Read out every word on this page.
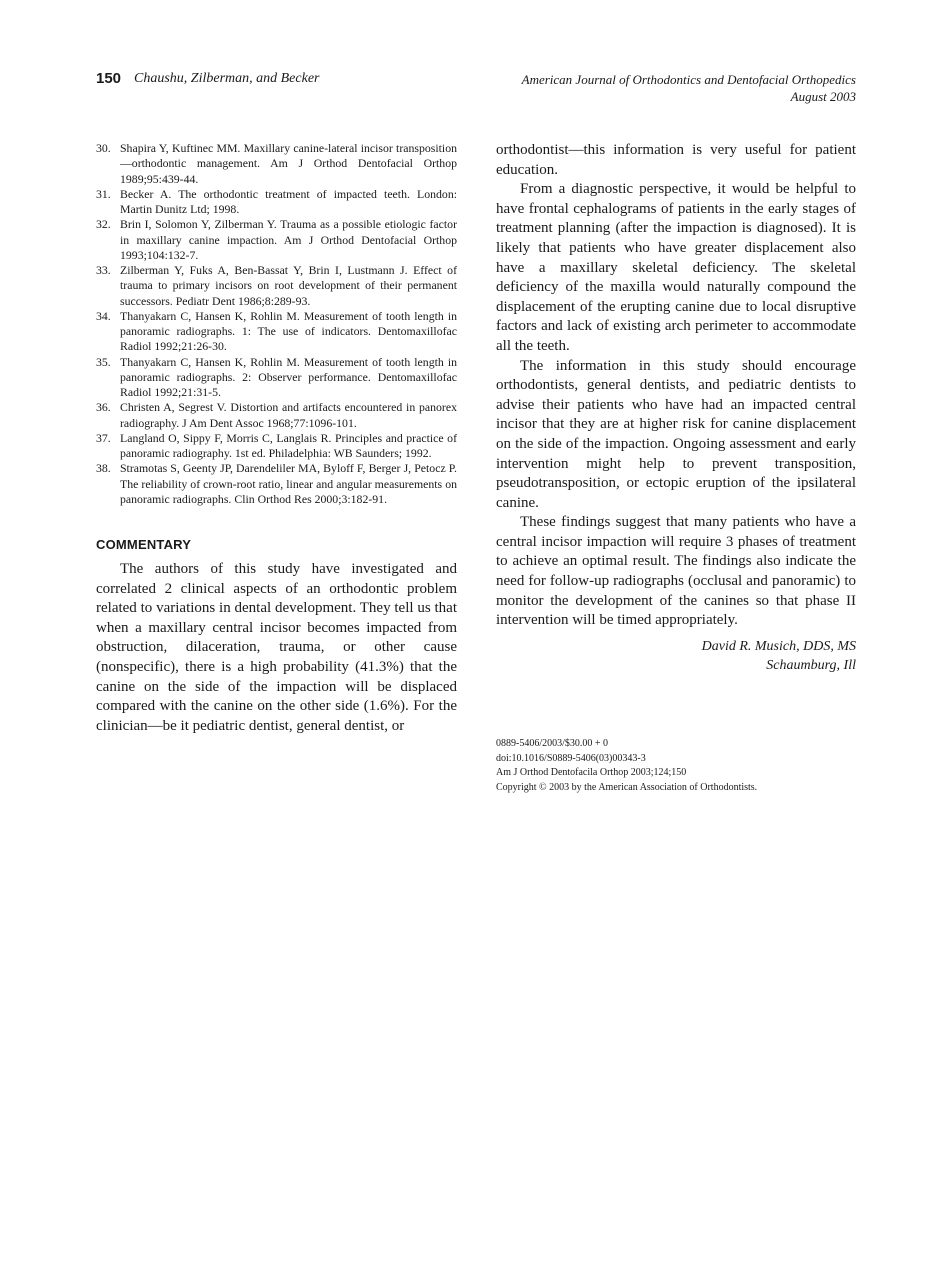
150 Chaushu, Zilberman, and Becker	American Journal of Orthodontics and Dentofacial Orthopedics
August 2003
30. Shapira Y, Kuftinec MM. Maxillary canine-lateral incisor transposition—orthodontic management. Am J Orthod Dentofacial Orthop 1989;95:439-44.
31. Becker A. The orthodontic treatment of impacted teeth. London: Martin Dunitz Ltd; 1998.
32. Brin I, Solomon Y, Zilberman Y. Trauma as a possible etiologic factor in maxillary canine impaction. Am J Orthod Dentofacial Orthop 1993;104:132-7.
33. Zilberman Y, Fuks A, Ben-Bassat Y, Brin I, Lustmann J. Effect of trauma to primary incisors on root development of their permanent successors. Pediatr Dent 1986;8:289-93.
34. Thanyakarn C, Hansen K, Rohlin M. Measurement of tooth length in panoramic radiographs. 1: The use of indicators. Dentomaxillofac Radiol 1992;21:26-30.
35. Thanyakarn C, Hansen K, Rohlin M. Measurement of tooth length in panoramic radiographs. 2: Observer performance. Dentomaxillofac Radiol 1992;21:31-5.
36. Christen A, Segrest V. Distortion and artifacts encountered in panorex radiography. J Am Dent Assoc 1968;77:1096-101.
37. Langland O, Sippy F, Morris C, Langlais R. Principles and practice of panoramic radiography. 1st ed. Philadelphia: WB Saunders; 1992.
38. Stramotas S, Geenty JP, Darendeliler MA, Byloff F, Berger J, Petocz P. The reliability of crown-root ratio, linear and angular measurements on panoramic radiographs. Clin Orthod Res 2000;3:182-91.
COMMENTARY

The authors of this study have investigated and correlated 2 clinical aspects of an orthodontic problem related to variations in dental development. They tell us that when a maxillary central incisor becomes impacted from obstruction, dilaceration, trauma, or other cause (nonspecific), there is a high probability (41.3%) that the canine on the side of the impaction will be displaced compared with the canine on the other side (1.6%). For the clinician—be it pediatric dentist, general dentist, or

orthodontist—this information is very useful for patient education.

From a diagnostic perspective, it would be helpful to have frontal cephalograms of patients in the early stages of treatment planning (after the impaction is diagnosed). It is likely that patients who have greater displacement also have a maxillary skeletal deficiency. The skeletal deficiency of the maxilla would naturally compound the displacement of the erupting canine due to local disruptive factors and lack of existing arch perimeter to accommodate all the teeth.

The information in this study should encourage orthodontists, general dentists, and pediatric dentists to advise their patients who have had an impacted central incisor that they are at higher risk for canine displacement on the side of the impaction. Ongoing assessment and early intervention might help to prevent transposition, pseudotransposition, or ectopic eruption of the ipsilateral canine.

These findings suggest that many patients who have a central incisor impaction will require 3 phases of treatment to achieve an optimal result. The findings also indicate the need for follow-up radiographs (occlusal and panoramic) to monitor the development of the canines so that phase II intervention will be timed appropriately.

David R. Musich, DDS, MS
Schaumburg, Ill
0889-5406/2003/$30.00 + 0
doi:10.1016/S0889-5406(03)00343-3
Am J Orthod Dentofacila Orthop 2003;124;150
Copyright © 2003 by the American Association of Orthodontists.
